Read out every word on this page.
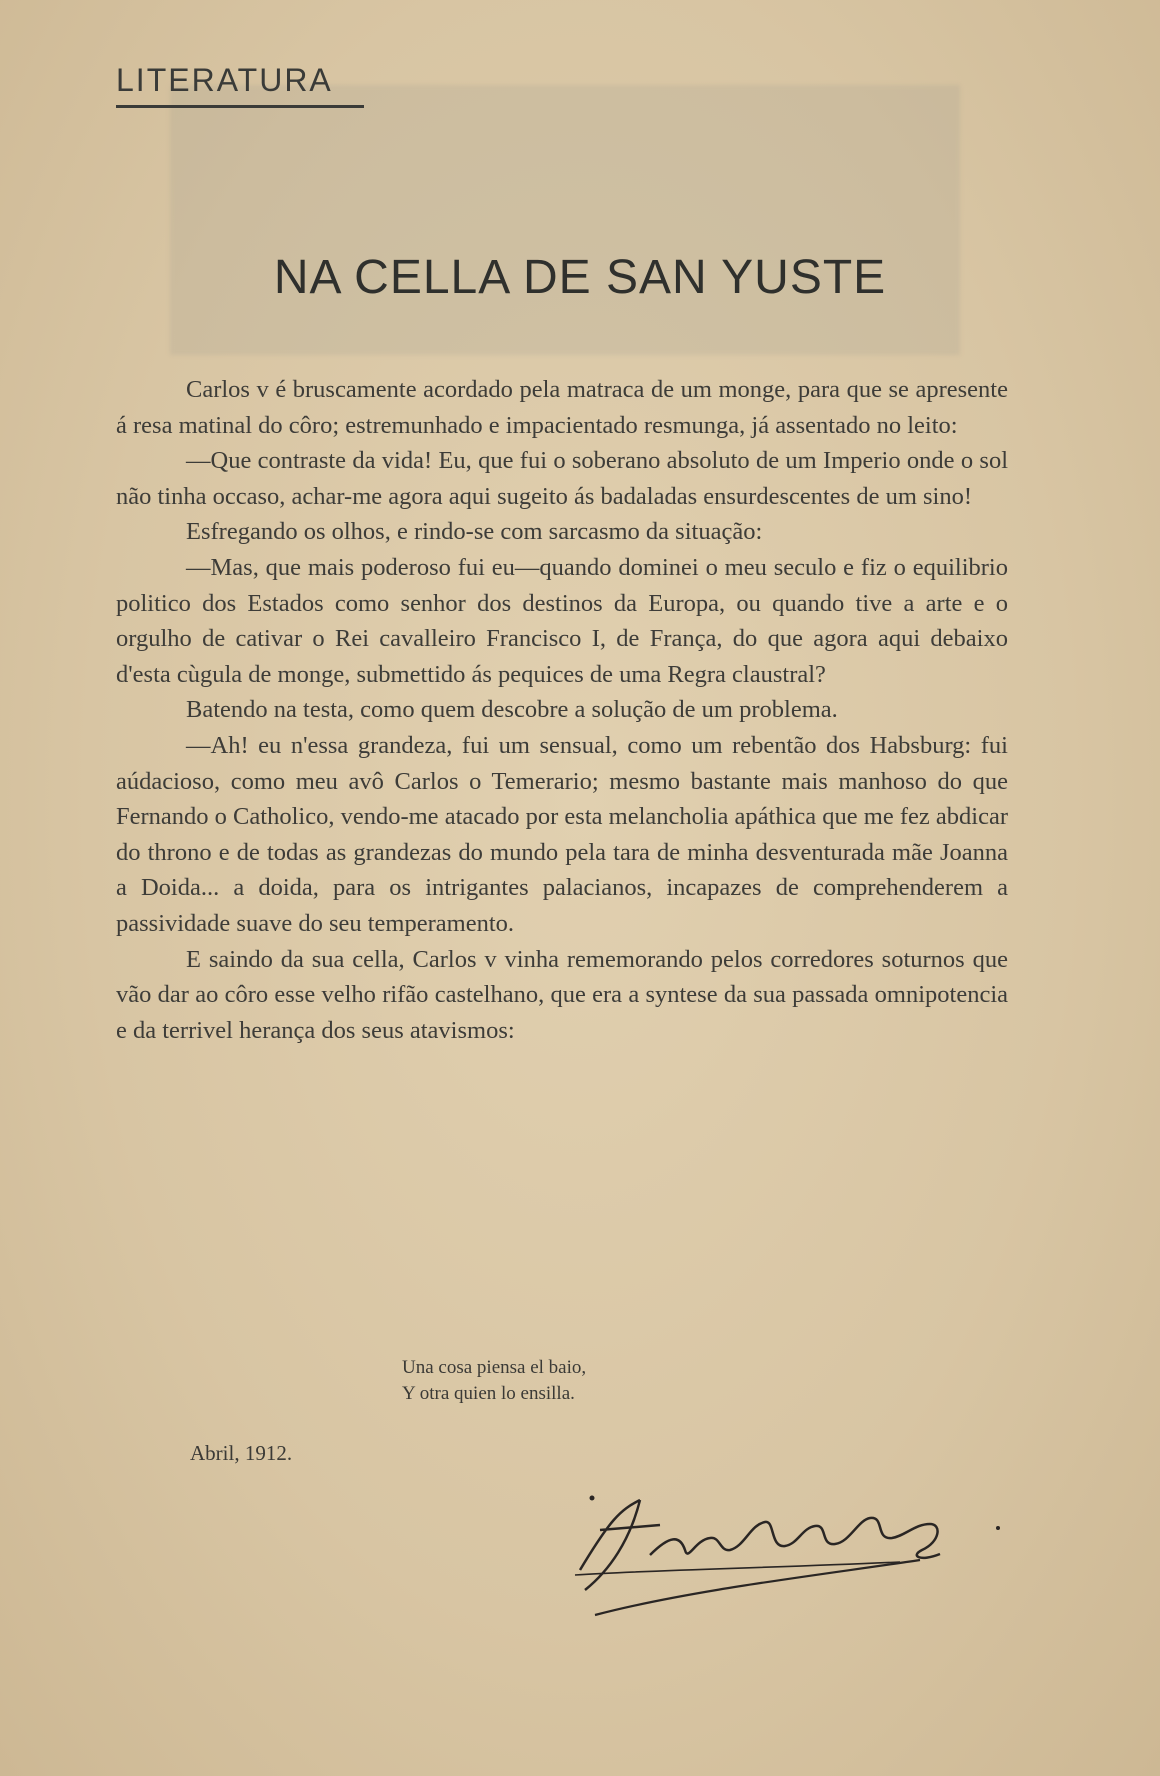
LITERATURA
NA CELLA DE SAN YUSTE

Carlos v é bruscamente acordado pela matraca de um monge, para que se apresente á resa matinal do côro; estremunhado e impacientado resmunga, já assentado no leito:

—Que contraste da vida! Eu, que fui o soberano absoluto de um Imperio onde o sol não tinha occaso, achar-me agora aqui sugeito ás badaladas ensurdescentes de um sino!

Esfregando os olhos, e rindo-se com sarcasmo da situação:

—Mas, que mais poderoso fui eu—quando dominei o meu seculo e fiz o equilibrio politico dos Estados como senhor dos destinos da Europa, ou quando tive a arte e o orgulho de cativar o Rei cavalleiro Francisco I, de França, do que agora aqui debaixo d'esta cùgula de monge, submettido ás pequices de uma Regra claustral?

Batendo na testa, como quem descobre a solução de um problema.

—Ah! eu n'essa grandeza, fui um sensual, como um rebentão dos Habsburg: fui aúdacioso, como meu avô Carlos o Temerario; mesmo bastante mais manhoso do que Fernando o Catholico, vendo-me atacado por esta melancholia apáthica que me fez abdicar do throno e de todas as grandezas do mundo pela tara de minha desventurada mãe Joanna a Doida... a doida, para os intrigantes palacianos, incapazes de comprehenderem a passividade suave do seu temperamento.

E saindo da sua cella, Carlos v vinha rememorando pelos corredores soturnos que vão dar ao côro esse velho rifão castelhano, que era a syntese da sua passada omnipotencia e da terrivel herança dos seus atavismos:

Una cosa piensa el baio,
Y otra quien lo ensilla.
Abril, 1912.
